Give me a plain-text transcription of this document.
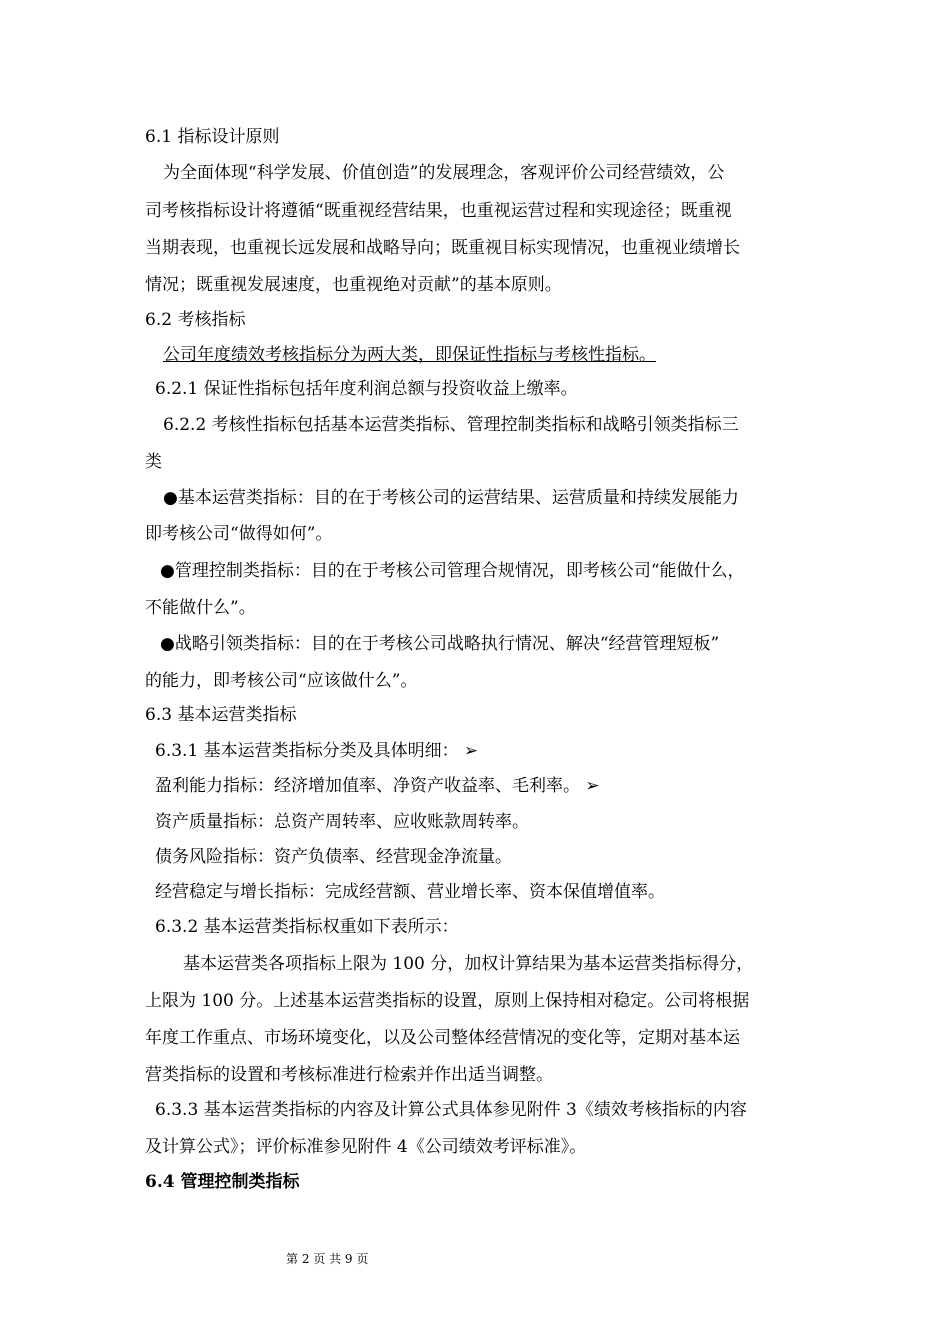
6.1 指标设计原则
为全面体现“科学发展、价值创造”的发展理念，客观评价公司经营绩效，公
司考核指标设计将遵循“既重视经营结果，也重视运营过程和实现途径；既重视
当期表现，也重视长远发展和战略导向；既重视目标实现情况，也重视业绩增长
情况；既重视发展速度，也重视绝对贡献”的基本原则。
6.2 考核指标
公司年度绩效考核指标分为两大类，即保证性指标与考核性指标。
6.2.1 保证性指标包括年度利润总额与投资收益上缴率。
6.2.2 考核性指标包括基本运营类指标、管理控制类指标和战略引领类指标三
类
●基本运营类指标：目的在于考核公司的运营结果、运营质量和持续发展能力
即考核公司“做得如何”。
●管理控制类指标：目的在于考核公司管理合规情况，即考核公司“能做什么，
不能做什么”。
●战略引领类指标：目的在于考核公司战略执行情况、解决“经营管理短板”
的能力，即考核公司“应该做什么”。
6.3 基本运营类指标
6.3.1 基本运营类指标分类及具体明细： ➢
盈利能力指标：经济增加值率、净资产收益率、毛利率。 ➢
资产质量指标：总资产周转率、应收账款周转率。
债务风险指标：资产负债率、经营现金净流量。
经营稳定与增长指标：完成经营额、营业增长率、资本保值增值率。
6.3.2 基本运营类指标权重如下表所示：
基本运营类各项指标上限为 100 分，加权计算结果为基本运营类指标得分，
上限为 100 分。上述基本运营类指标的设置，原则上保持相对稳定。公司将根据
年度工作重点、市场环境变化，以及公司整体经营情况的变化等，定期对基本运
营类指标的设置和考核标准进行检索并作出适当调整。
6.3.3 基本运营类指标的内容及计算公式具体参见附件 3《绩效考核指标的内容
及计算公式》；评价标准参见附件 4《公司绩效考评标准》。
6.4 管理控制类指标
第 2 页 共 9 页
